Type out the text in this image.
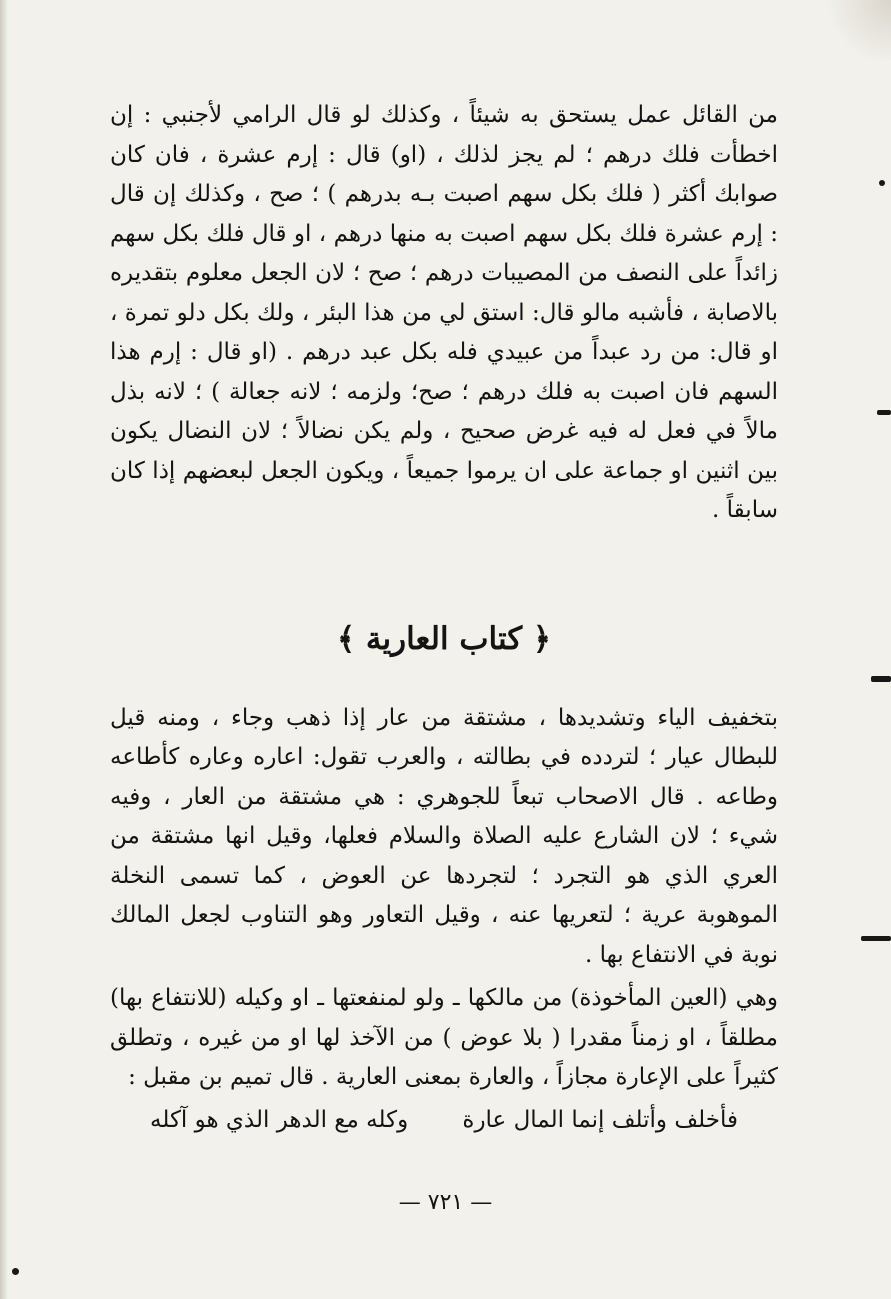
من القائل عمل يستحق به شيئاً ، وكذلك لو قال الرامي لأجنبي : إن اخطأت فلك درهم ؛ لم يجز لذلك ، (او) قال : إرم عشرة ، فان كان صوابك أكثر ( فلك بكل سهم اصبت بـه بدرهم ) ؛ صح ، وكذلك إن قال : إرم عشرة فلك بكل سهم اصبت به منها درهم ، او قال فلك بكل سهم زائداً على النصف من المصيبات درهم ؛ صح ؛ لان الجعل معلوم بتقديره بالاصابة ، فأشبه مالو قال: استق لي من هذا البئر ، ولك بكل دلو تمرة ، او قال: من رد عبداً من عبيدي فله بكل عبد درهم . (او قال : إرم هذا السهم فان اصبت به فلك درهم ؛ صح؛ ولزمه ؛ لانه جعالة ) ؛ لانه بذل مالاً في فعل له فيه غرض صحيح ، ولم يكن نضالاً ؛ لان النضال يكون بين اثنين او جماعة على ان يرموا جميعاً ، ويكون الجعل لبعضهم إذا كان سابقاً .

﴿ كتاب العارية ﴾

بتخفيف الياء وتشديدها ، مشتقة من عار إذا ذهب وجاء ، ومنه قيل للبطال عيار ؛ لتردده في بطالته ، والعرب تقول: اعاره وعاره كأطاعه وطاعه . قال الاصحاب تبعاً للجوهري : هي مشتقة من العار ، وفيه شيء ؛ لان الشارع عليه الصلاة والسلام فعلها، وقيل انها مشتقة من العري الذي هو التجرد ؛ لتجردها عن العوض ، كما تسمى النخلة الموهوبة عرية ؛ لتعريها عنه ، وقيل التعاور وهو التناوب لجعل المالك نوبة في الانتفاع بها .

وهي (العين المأخوذة) من مالكها ـ ولو لمنفعتها ـ او وكيله (للانتفاع بها) مطلقاً ، او زمناً مقدرا ( بلا عوض ) من الآخذ لها او من غيره ، وتطلق كثيراً على الإعارة مجازاً ، والعارة بمعنى العارية . قال تميم بن مقبل :

فأخلف وأتلف إنما المال عارة
وكله مع الدهر الذي هو آكله
— ٧٢١ —
